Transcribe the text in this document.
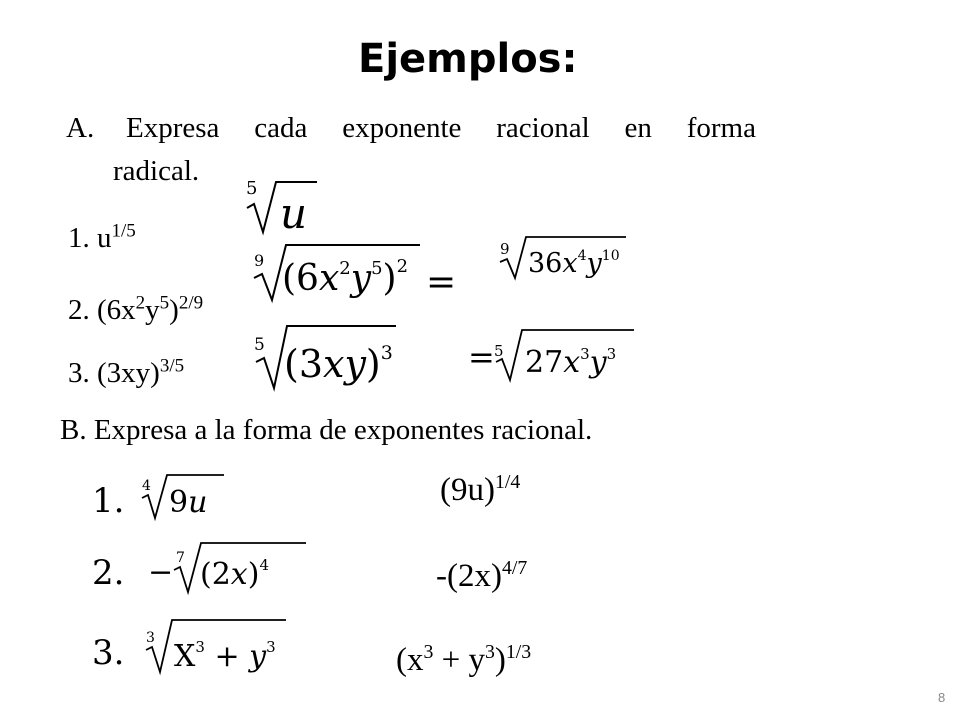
Ejemplos:
A. Expresa cada exponente racional en forma
radical.
1. $u^{1/5}$
2. $(6x^2y^5)^{2/9}$
3. $(3xy)^{3/5}$
5
u
9 $(6x^2y^5)^2$ =
9 $36x^4y^{10}$
5 $(3xy)^3 = 5$ $27x^3y^3$
B. Expresa a la forma de exponentes racional.
1. 4 9u	$(9u)^{1/4}$
2. − 7 $(2x)^4$	$-(2x)^{4/7}$
3. 3
$X^3 + y^3$	$(x^3 + y^3)^{1/3}$
8
